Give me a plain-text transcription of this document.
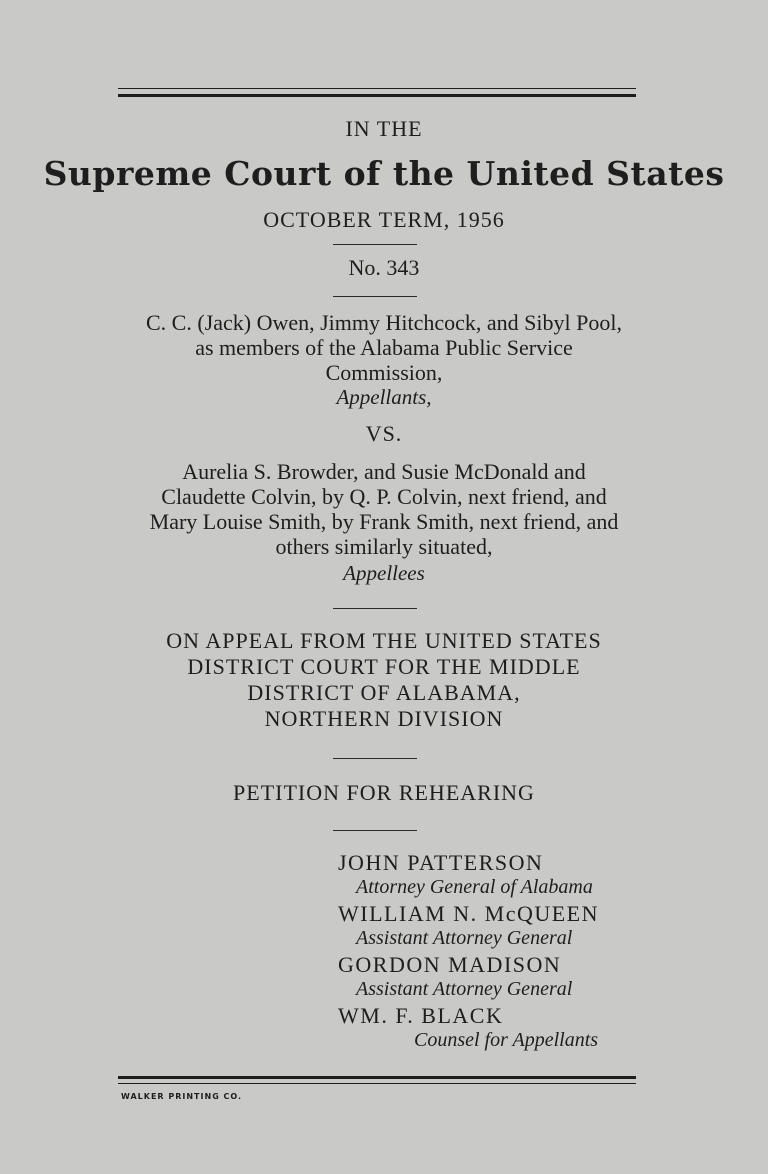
IN THE
Supreme Court of the United States
OCTOBER TERM, 1956
No. 343
C. C. (Jack) Owen, Jimmy Hitchcock, and Sibyl Pool,
as members of the Alabama Public Service
Commission,
Appellants,
VS.
Aurelia S. Browder, and Susie McDonald and
Claudette Colvin, by Q. P. Colvin, next friend, and
Mary Louise Smith, by Frank Smith, next friend, and
others similarly situated,
Appellees
ON APPEAL FROM THE UNITED STATES
DISTRICT COURT FOR THE MIDDLE
DISTRICT OF ALABAMA,
NORTHERN DIVISION
PETITION FOR REHEARING
JOHN PATTERSON
Attorney General of Alabama
WILLIAM N. McQUEEN
Assistant Attorney General
GORDON MADISON
Assistant Attorney General
WM. F. BLACK
Counsel for Appellants
WALKER PRINTING CO.
